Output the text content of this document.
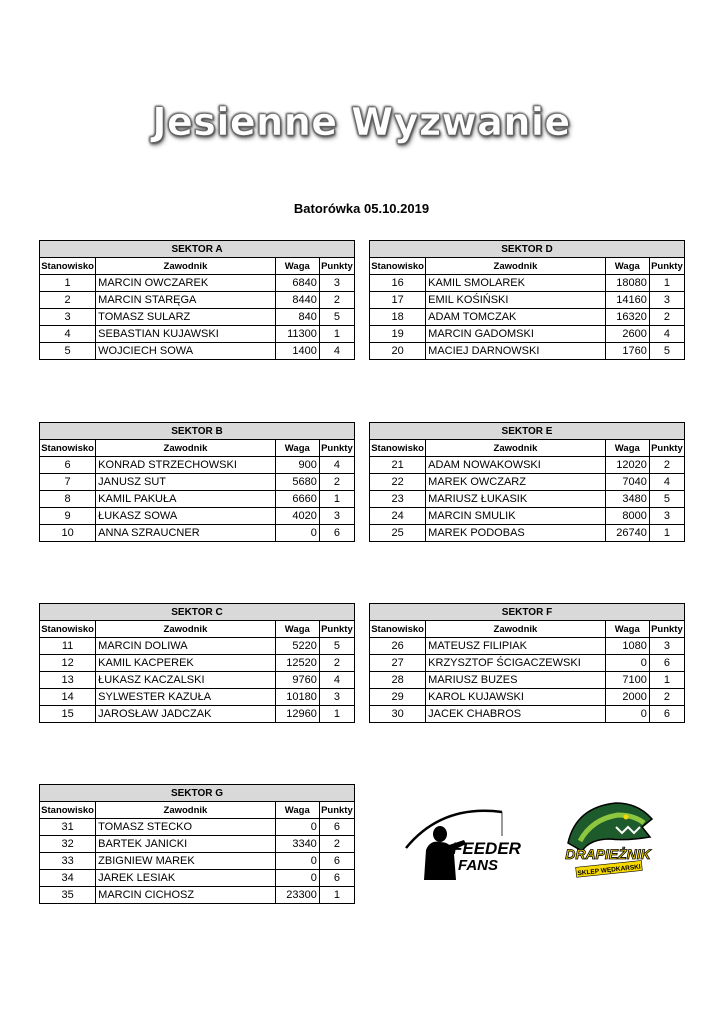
Jesienne Wyzwanie
Batorówka 05.10.2019
SEKTOR A			
Stanowisko	Zawodnik	Waga	Punkty
1	MARCIN OWCZAREK	6840	3
2	MARCIN STARĘGA	8440	2
3	TOMASZ SULARZ	840	5
4	SEBASTIAN KUJAWSKI	11300	1
5	WOJCIECH SOWA	1400	4
SEKTOR D			
Stanowisko	Zawodnik	Waga	Punkty
16	KAMIL SMOLAREK	18080	1
17	EMIL KOŚIŃSKI	14160	3
18	ADAM TOMCZAK	16320	2
19	MARCIN GADOMSKI	2600	4
20	MACIEJ DARNOWSKI	1760	5
SEKTOR B			
Stanowisko	Zawodnik	Waga	Punkty
6	KONRAD STRZECHOWSKI	900	4
7	JANUSZ SUT	5680	2
8	KAMIL PAKUŁA	6660	1
9	ŁUKASZ SOWA	4020	3
10	ANNA SZRAUCNER	0	6
SEKTOR E			
Stanowisko	Zawodnik	Waga	Punkty
21	ADAM NOWAKOWSKI	12020	2
22	MAREK OWCZARZ	7040	4
23	MARIUSZ ŁUKASIK	3480	5
24	MARCIN SMULIK	8000	3
25	MAREK PODOBAS	26740	1
SEKTOR C			
Stanowisko	Zawodnik	Waga	Punkty
11	MARCIN DOLIWA	5220	5
12	KAMIL KACPEREK	12520	2
13	ŁUKASZ KACZALSKI	9760	4
14	SYLWESTER KAZUŁA	10180	3
15	JAROSŁAW JADCZAK	12960	1
SEKTOR F			
Stanowisko	Zawodnik	Waga	Punkty
26	MATEUSZ FILIPIAK	1080	3
27	KRZYSZTOF ŚCIGACZEWSKI	0	6
28	MARIUSZ BUZES	7100	1
29	KAROL KUJAWSKI	2000	2
30	JACEK CHABROS	0	6
SEKTOR G			
Stanowisko	Zawodnik	Waga	Punkty
31	TOMASZ STECKO	0	6
32	BARTEK JANICKI	3340	2
33	ZBIGNIEW MAREK	0	6
34	JAREK LESIAK	0	6
35	MARCIN CICHOSZ	23300	1
FEEDER
FANS
DRAPIEŻNIK
SKLEP WĘDKARSKI
